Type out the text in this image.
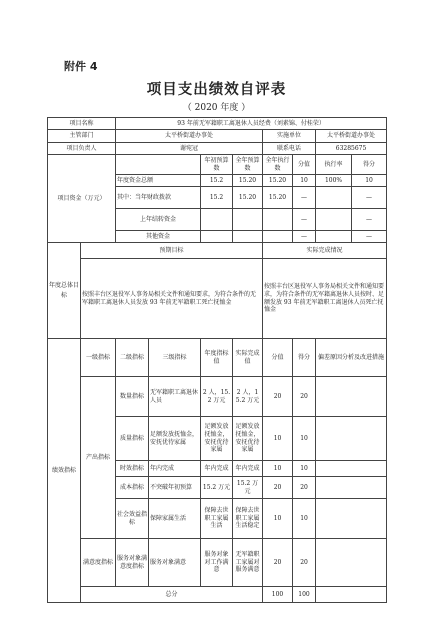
附件 4
项目支出绩效自评表
（ 2020 年度 ）
项目名称		93 年前无军籍职工离退休人员经费（刘素锦、付桂荣）							
主管部门		太平桥街道办事处				实施单位		太平桥街道办事处	
项目负责人		谢宛冠				联系电话		63285675	
项目资金（万元）				年初预算数	全年预算数	全年执行数	分值	执行率	得分
		年度资金总额		15.2	15.20	15.20	10	100%	10
		其中：当年财政拨款		15.2	15.20	15.20	—		—
		上年结转资金					—		—
		其他资金					—		—
年度总体目标	预期目标					实际完成情况			
	按照丰台区退役军人事务局相关文件和通知要求，为符合条件的无军籍职工离退休人员发放 93 年前无军籍职工死亡抚恤金					按照丰台区退役军人事务局相关文件和通知要求，为符合条件的无军籍离退休人员按时、足额发放 93 年前无军籍职工离退休人员死亡抚恤金			
绩效指标	一级指标	二级指标	三级指标	年度指标值	实际完成值	分值	得分	偏差原因分析及改进措施	
	产出指标	数量指标	无军籍职工离退休人员	2 人，15.2 万元	2 人，15.2 万元	20	20		
		质量指标	足额发放抚恤金，安抚优待家属	足额发放抚恤金，安抚优待家属	足额发放抚恤金，安抚优待家属	10	10		
		时效指标	年内完成	年内完成	年内完成	10	10		
		成本指标	不突破年初预算	15.2 万元	15.2 万元	20	20		
		社会效益指标	保障家属生活	保障去世职工家属生活	保障去世职工家属生活稳定	10	10		
	满意度指标	服务对象满意度指标	服务对象满意	服务对象对工作满意	无军籍职工家属对服务满意	20	20		
	总分					100	100		
